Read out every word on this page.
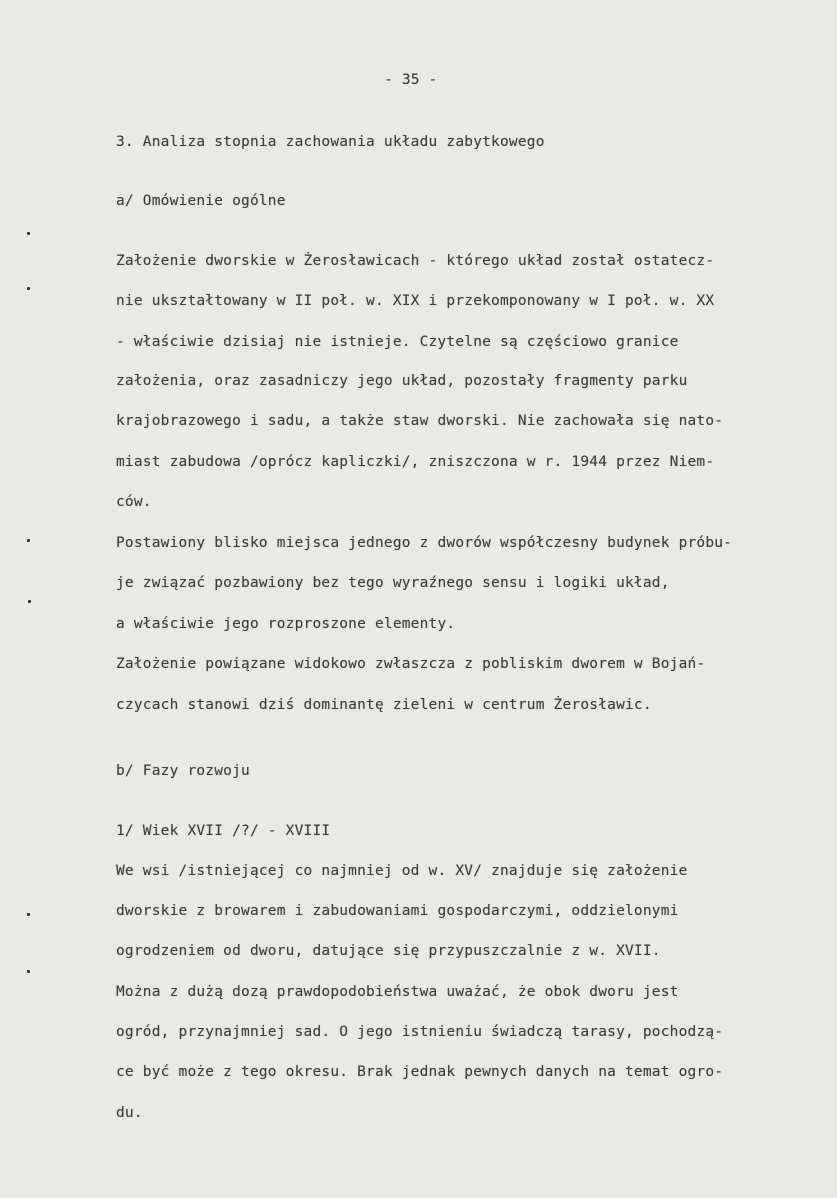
- 35 -
3. Analiza stopnia zachowania układu zabytkowego
a/ Omówienie ogólne
Założenie dworskie w Żerosławicach - którego układ został ostatecz-
nie ukształtowany w II poł. w. XIX i przekomponowany w I poł. w. XX
- właściwie dzisiaj nie istnieje. Czytelne są częściowo granice
założenia, oraz zasadniczy jego układ, pozostały fragmenty parku
krajobrazowego i sadu, a także staw dworski. Nie zachowała się nato-
miast zabudowa /oprócz kapliczki/, zniszczona w r. 1944 przez Niem-
ców.
Postawiony blisko miejsca jednego z dworów współczesny budynek próbu-
je związać pozbawiony bez tego wyraźnego sensu i logiki układ,
a właściwie jego rozproszone elementy.
Założenie powiązane widokowo zwłaszcza z pobliskim dworem w Bojań-
czycach stanowi dziś dominantę zieleni w centrum Żerosławic.
b/ Fazy rozwoju
1/ Wiek XVII /?/ - XVIII
We wsi /istniejącej co najmniej od w. XV/ znajduje się założenie
dworskie z browarem i zabudowaniami gospodarczymi, oddzielonymi
ogrodzeniem od dworu, datujące się przypuszczalnie z w. XVII.
Można z dużą dozą prawdopodobieństwa uważać, że obok dworu jest
ogród, przynajmniej sad. O jego istnieniu świadczą tarasy, pochodzą-
ce być może z tego okresu. Brak jednak pewnych danych na temat ogro-
du.
